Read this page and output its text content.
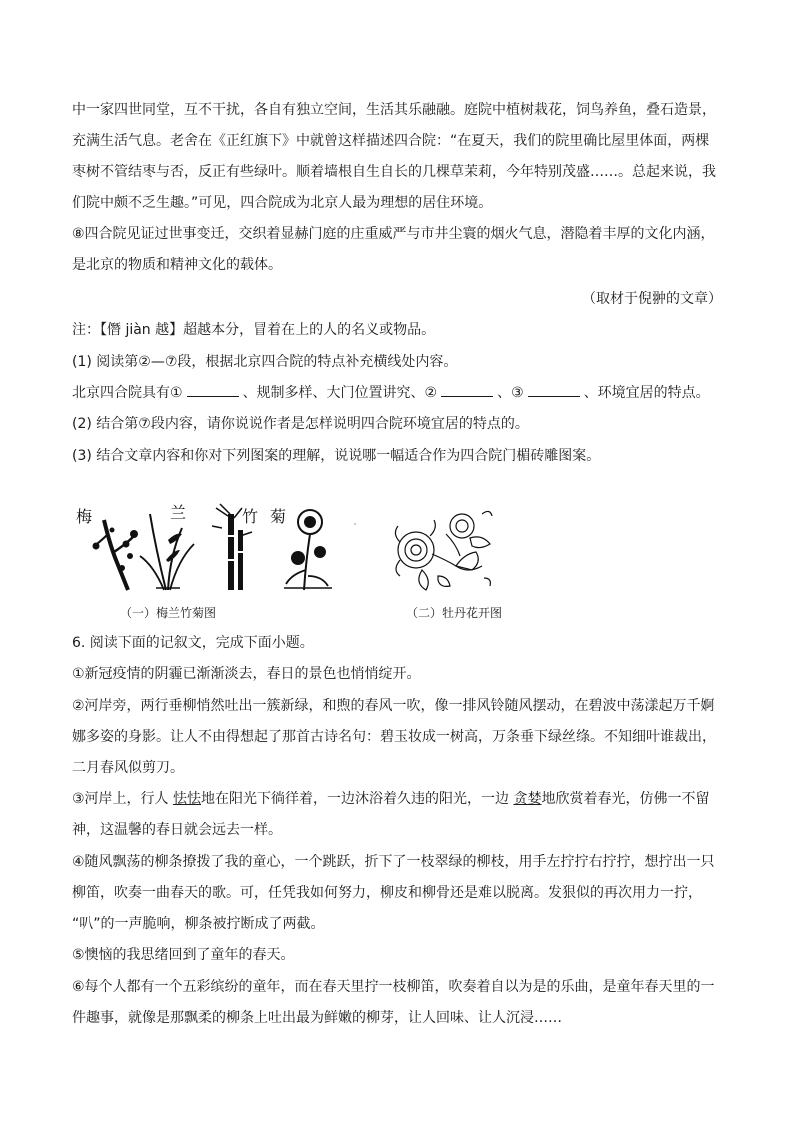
中一家四世同堂，互不干扰，各自有独立空间，生活其乐融融。庭院中植树栽花，饲鸟养鱼，叠石造景，
充满生活气息。老舍在《正红旗下》中就曾这样描述四合院：“在夏天，我们的院里确比屋里体面，两棵
枣树不管结枣与否，反正有些绿叶。顺着墙根自生自长的几棵草茉莉，今年特别茂盛……。总起来说，我
们院中颇不乏生趣。”可见，四合院成为北京人最为理想的居住环境。
⑧四合院见证过世事变迁，交织着显赫门庭的庄重威严与市井尘寰的烟火气息，潜隐着丰厚的文化内涵，
是北京的物质和精神文化的载体。
（取材于倪翀的文章）
注：【僭 jiàn 越】超越本分，冒着在上的人的名义或物品。
(1) 阅读第②—⑦段，根据北京四合院的特点补充横线处内容。
北京四合院具有①	、规制多样、大门位置讲究、②	、③	、环境宜居的特点。
(2) 结合第⑦段内容，请你说说作者是怎样说明四合院环境宜居的特点的。
(3) 结合文章内容和你对下列图案的理解，说说哪一幅适合作为四合院门楣砖雕图案。
梅	兰	竹 菊
（一）梅兰竹菊图	（二）牡丹花开图
6. 阅读下面的记叙文，完成下面小题。
①新冠疫情的阴霾已渐渐淡去，春日的景色也悄悄绽开。
②河岸旁，两行垂柳悄然吐出一簇新绿，和煦的春风一吹，像一排风铃随风摆动，在碧波中荡漾起万千婀
娜多姿的身影。让人不由得想起了那首古诗名句：碧玉妆成一树高，万条垂下绿丝绦。不知细叶谁裁出，
二月春风似剪刀。
③河岸上，行人 怯怯地在阳光下徜徉着，一边沐浴着久违的阳光，一边 贪婪地欣赏着春光，仿佛一不留
神，这温馨的春日就会远去一样。
④随风飘荡的柳条撩拨了我的童心，一个跳跃，折下了一枝翠绿的柳枝，用手左拧拧右拧拧，想拧出一只
柳笛，吹奏一曲春天的歌。可，任凭我如何努力，柳皮和柳骨还是难以脱离。发狠似的再次用力一拧，
“叭”的一声脆响，柳条被拧断成了两截。
⑤懊恼的我思绪回到了童年的春天。
⑥每个人都有一个五彩缤纷的童年，而在春天里拧一枝柳笛，吹奏着自以为是的乐曲，是童年春天里的一
件趣事，就像是那飘柔的柳条上吐出最为鲜嫩的柳芽，让人回味、让人沉浸……
